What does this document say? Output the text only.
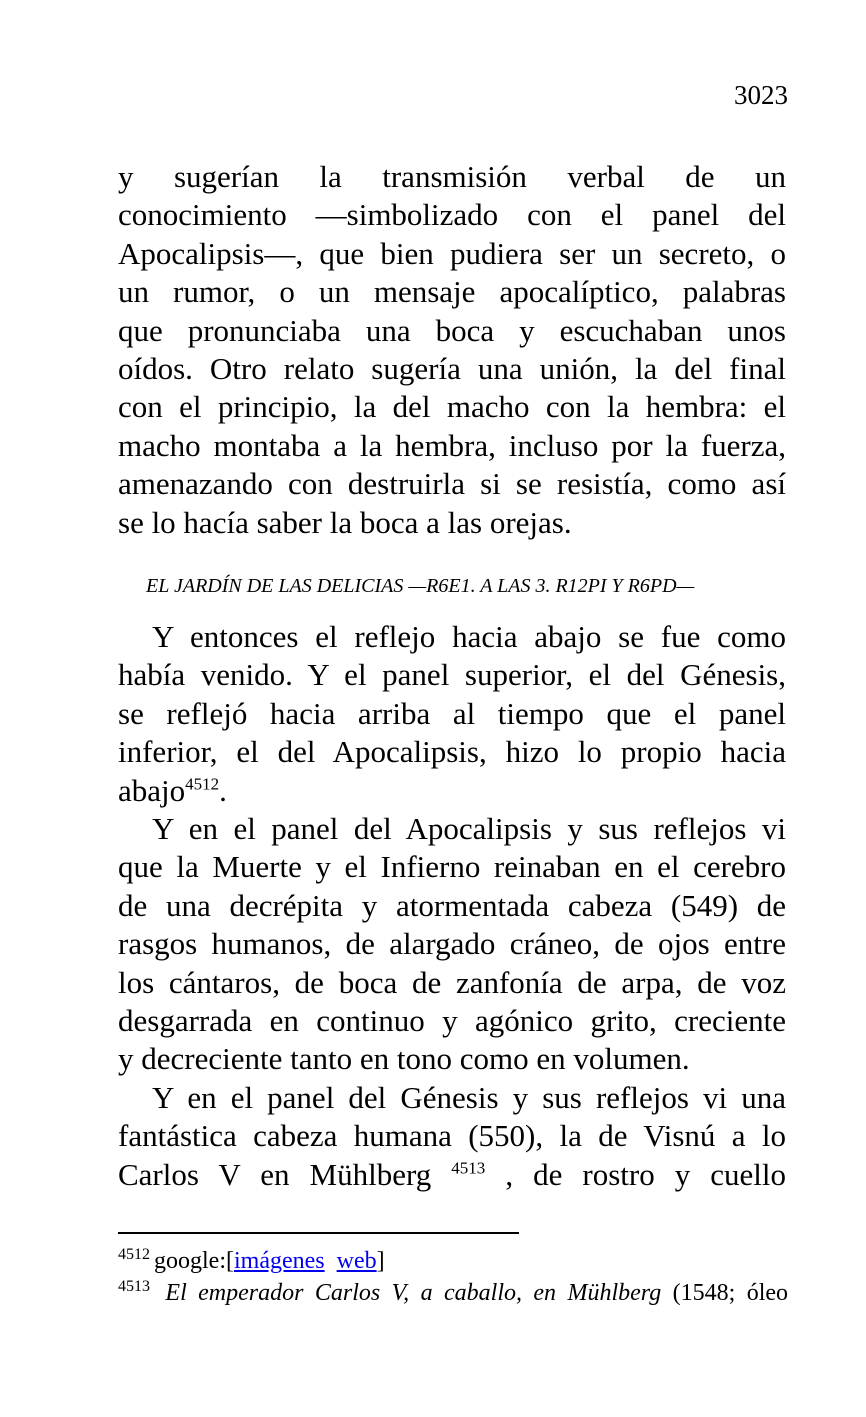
3023
y sugerían la transmisión verbal de un
conocimiento —simbolizado con el panel del
Apocalipsis—, que bien pudiera ser un secreto, o
un rumor, o un mensaje apocalíptico, palabras
que pronunciaba una boca y escuchaban unos
oídos. Otro relato sugería una unión, la del final
con el principio, la del macho con la hembra: el
macho montaba a la hembra, incluso por la fuerza,
amenazando con destruirla si se resistía, como así
se lo hacía saber la boca a las orejas.
EL JARDÍN DE LAS DELICIAS —R6E1. A LAS 3. R12PI Y R6PD—
Y entonces el reflejo hacia abajo se fue como
había venido. Y el panel superior, el del Génesis,
se reflejó hacia arriba al tiempo que el panel
inferior, el del Apocalipsis, hizo lo propio hacia
abajo$^{4512}$.
Y en el panel del Apocalipsis y sus reflejos vi
que la Muerte y el Infierno reinaban en el cerebro
de una decrépita y atormentada cabeza (549) de
rasgos humanos, de alargado cráneo, de ojos entre
los cántaros, de boca de zanfonía de arpa, de voz
desgarrada en continuo y agónico grito, creciente
y decreciente tanto en tono como en volumen.
Y en el panel del Génesis y sus reflejos vi una
fantástica cabeza humana (550), la de Visnú a lo
Carlos V en Mühlberg $^{4513}$ , de rostro y cuello
$^{4512}$ google:[imágenes web]
$^{4513}$ El emperador Carlos V, a caballo, en Mühlberg (1548; óleo
